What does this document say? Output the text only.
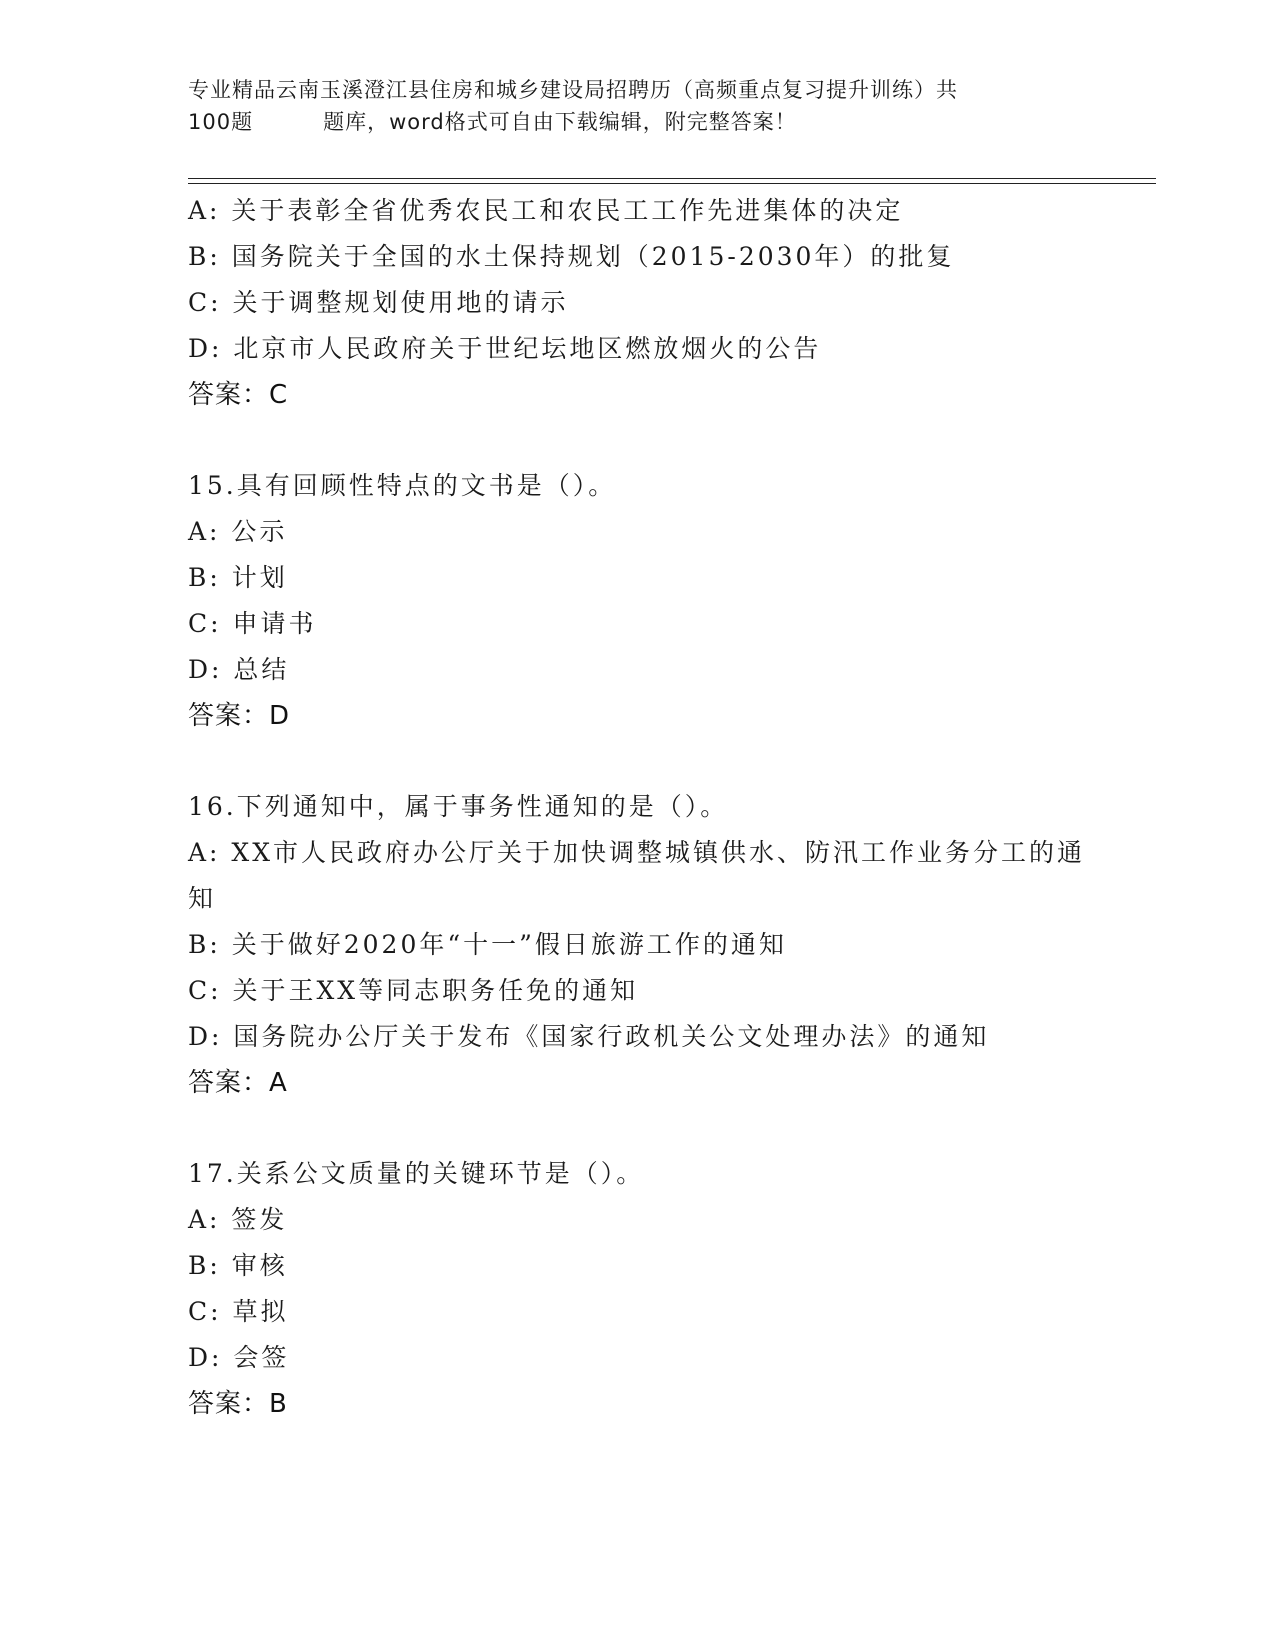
专业精品云南玉溪澄江县住房和城乡建设局招聘历（高频重点复习提升训练）共
100题	题库，word格式可自由下载编辑，附完整答案！
A: 关于表彰全省优秀农民工和农民工工作先进集体的决定
B: 国务院关于全国的水土保持规划（2015-2030年）的批复
C: 关于调整规划使用地的请示
D: 北京市人民政府关于世纪坛地区燃放烟火的公告
答案：C
15.具有回顾性特点的文书是（）。
A: 公示
B: 计划
C: 申请书
D: 总结
答案：D
16.下列通知中，属于事务性通知的是（）。
A: XX市人民政府办公厅关于加快调整城镇供水、防汛工作业务分工的通知
B: 关于做好2020年“十一”假日旅游工作的通知
C: 关于王XX等同志职务任免的通知
D: 国务院办公厅关于发布《国家行政机关公文处理办法》的通知
答案：A
17.关系公文质量的关键环节是（）。
A: 签发
B: 审核
C: 草拟
D: 会签
答案：B
